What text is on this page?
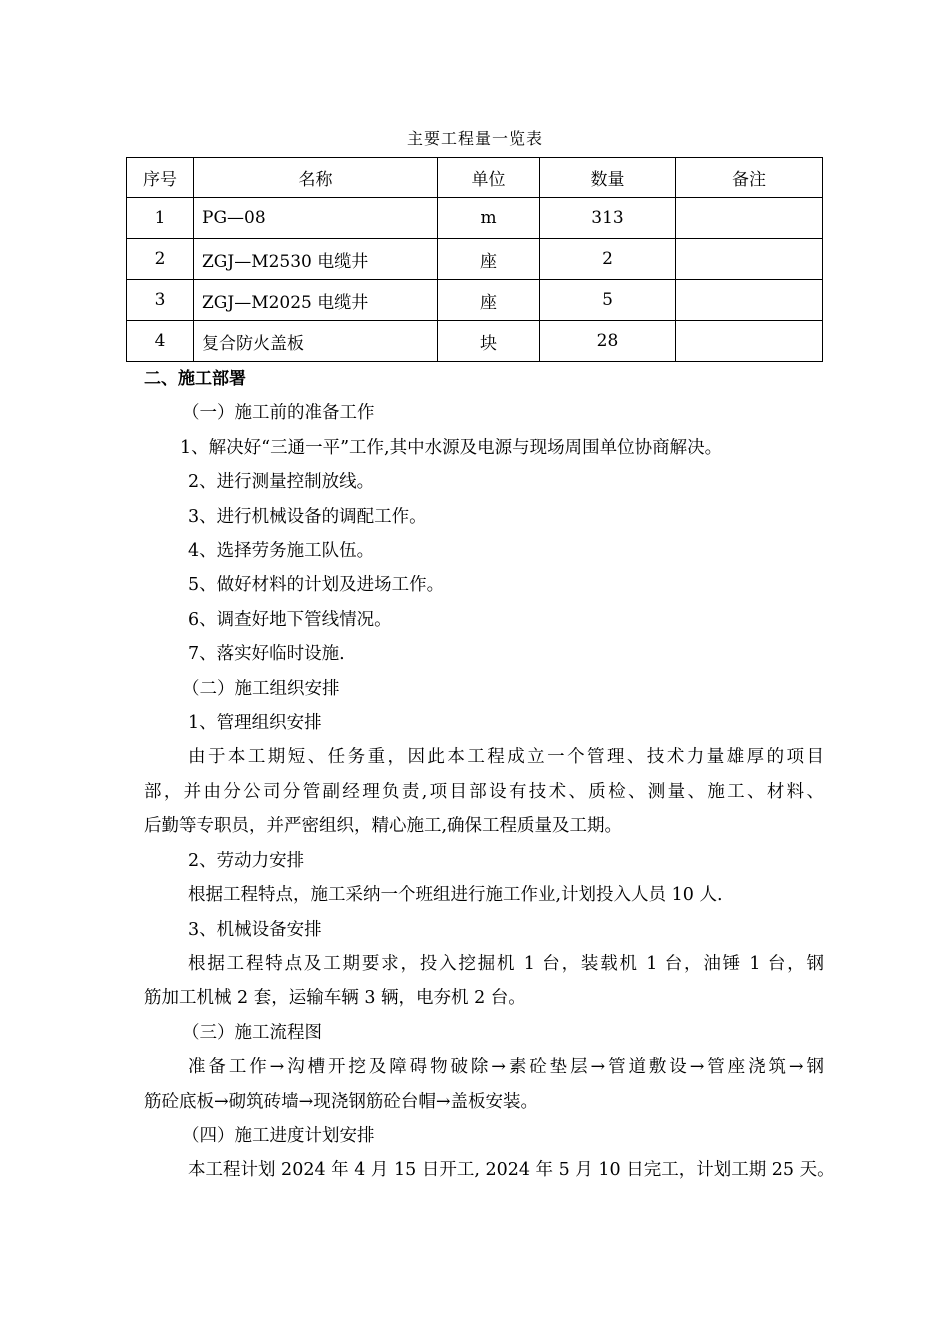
主要工程量一览表
序号	名称	单位	数量	备注
1	PG—08	m	313	
2	ZGJ—M2530 电缆井	座	2	
3	ZGJ—M2025 电缆井	座	5	
4	复合防火盖板	块	28	
二、施工部署
（一）施工前的准备工作
1、解决好“三通一平”工作,其中水源及电源与现场周围单位协商解决。
2、进行测量控制放线。
3、进行机械设备的调配工作。
4、选择劳务施工队伍。
5、做好材料的计划及进场工作。
6、调查好地下管线情况。
7、落实好临时设施.
（二）施工组织安排
1、管理组织安排
由于本工期短、任务重，因此本工程成立一个管理、技术力量雄厚的项目
部，并由分公司分管副经理负责,项目部设有技术、质检、测量、施工、材料、
后勤等专职员，并严密组织，精心施工,确保工程质量及工期。
2、劳动力安排
根据工程特点，施工采纳一个班组进行施工作业,计划投入人员 10 人.
3、机械设备安排
根据工程特点及工期要求，投入挖掘机 1 台，装载机 1 台，油锤 1 台，钢
筋加工机械 2 套，运输车辆 3 辆，电夯机 2 台。
（三）施工流程图
准备工作→沟槽开挖及障碍物破除→素砼垫层→管道敷设→管座浇筑→钢
筋砼底板→砌筑砖墙→现浇钢筋砼台帽→盖板安装。
（四）施工进度计划安排
本工程计划 2024 年 4 月 15 日开工, 2024 年 5 月 10 日完工，计划工期 25 天。
